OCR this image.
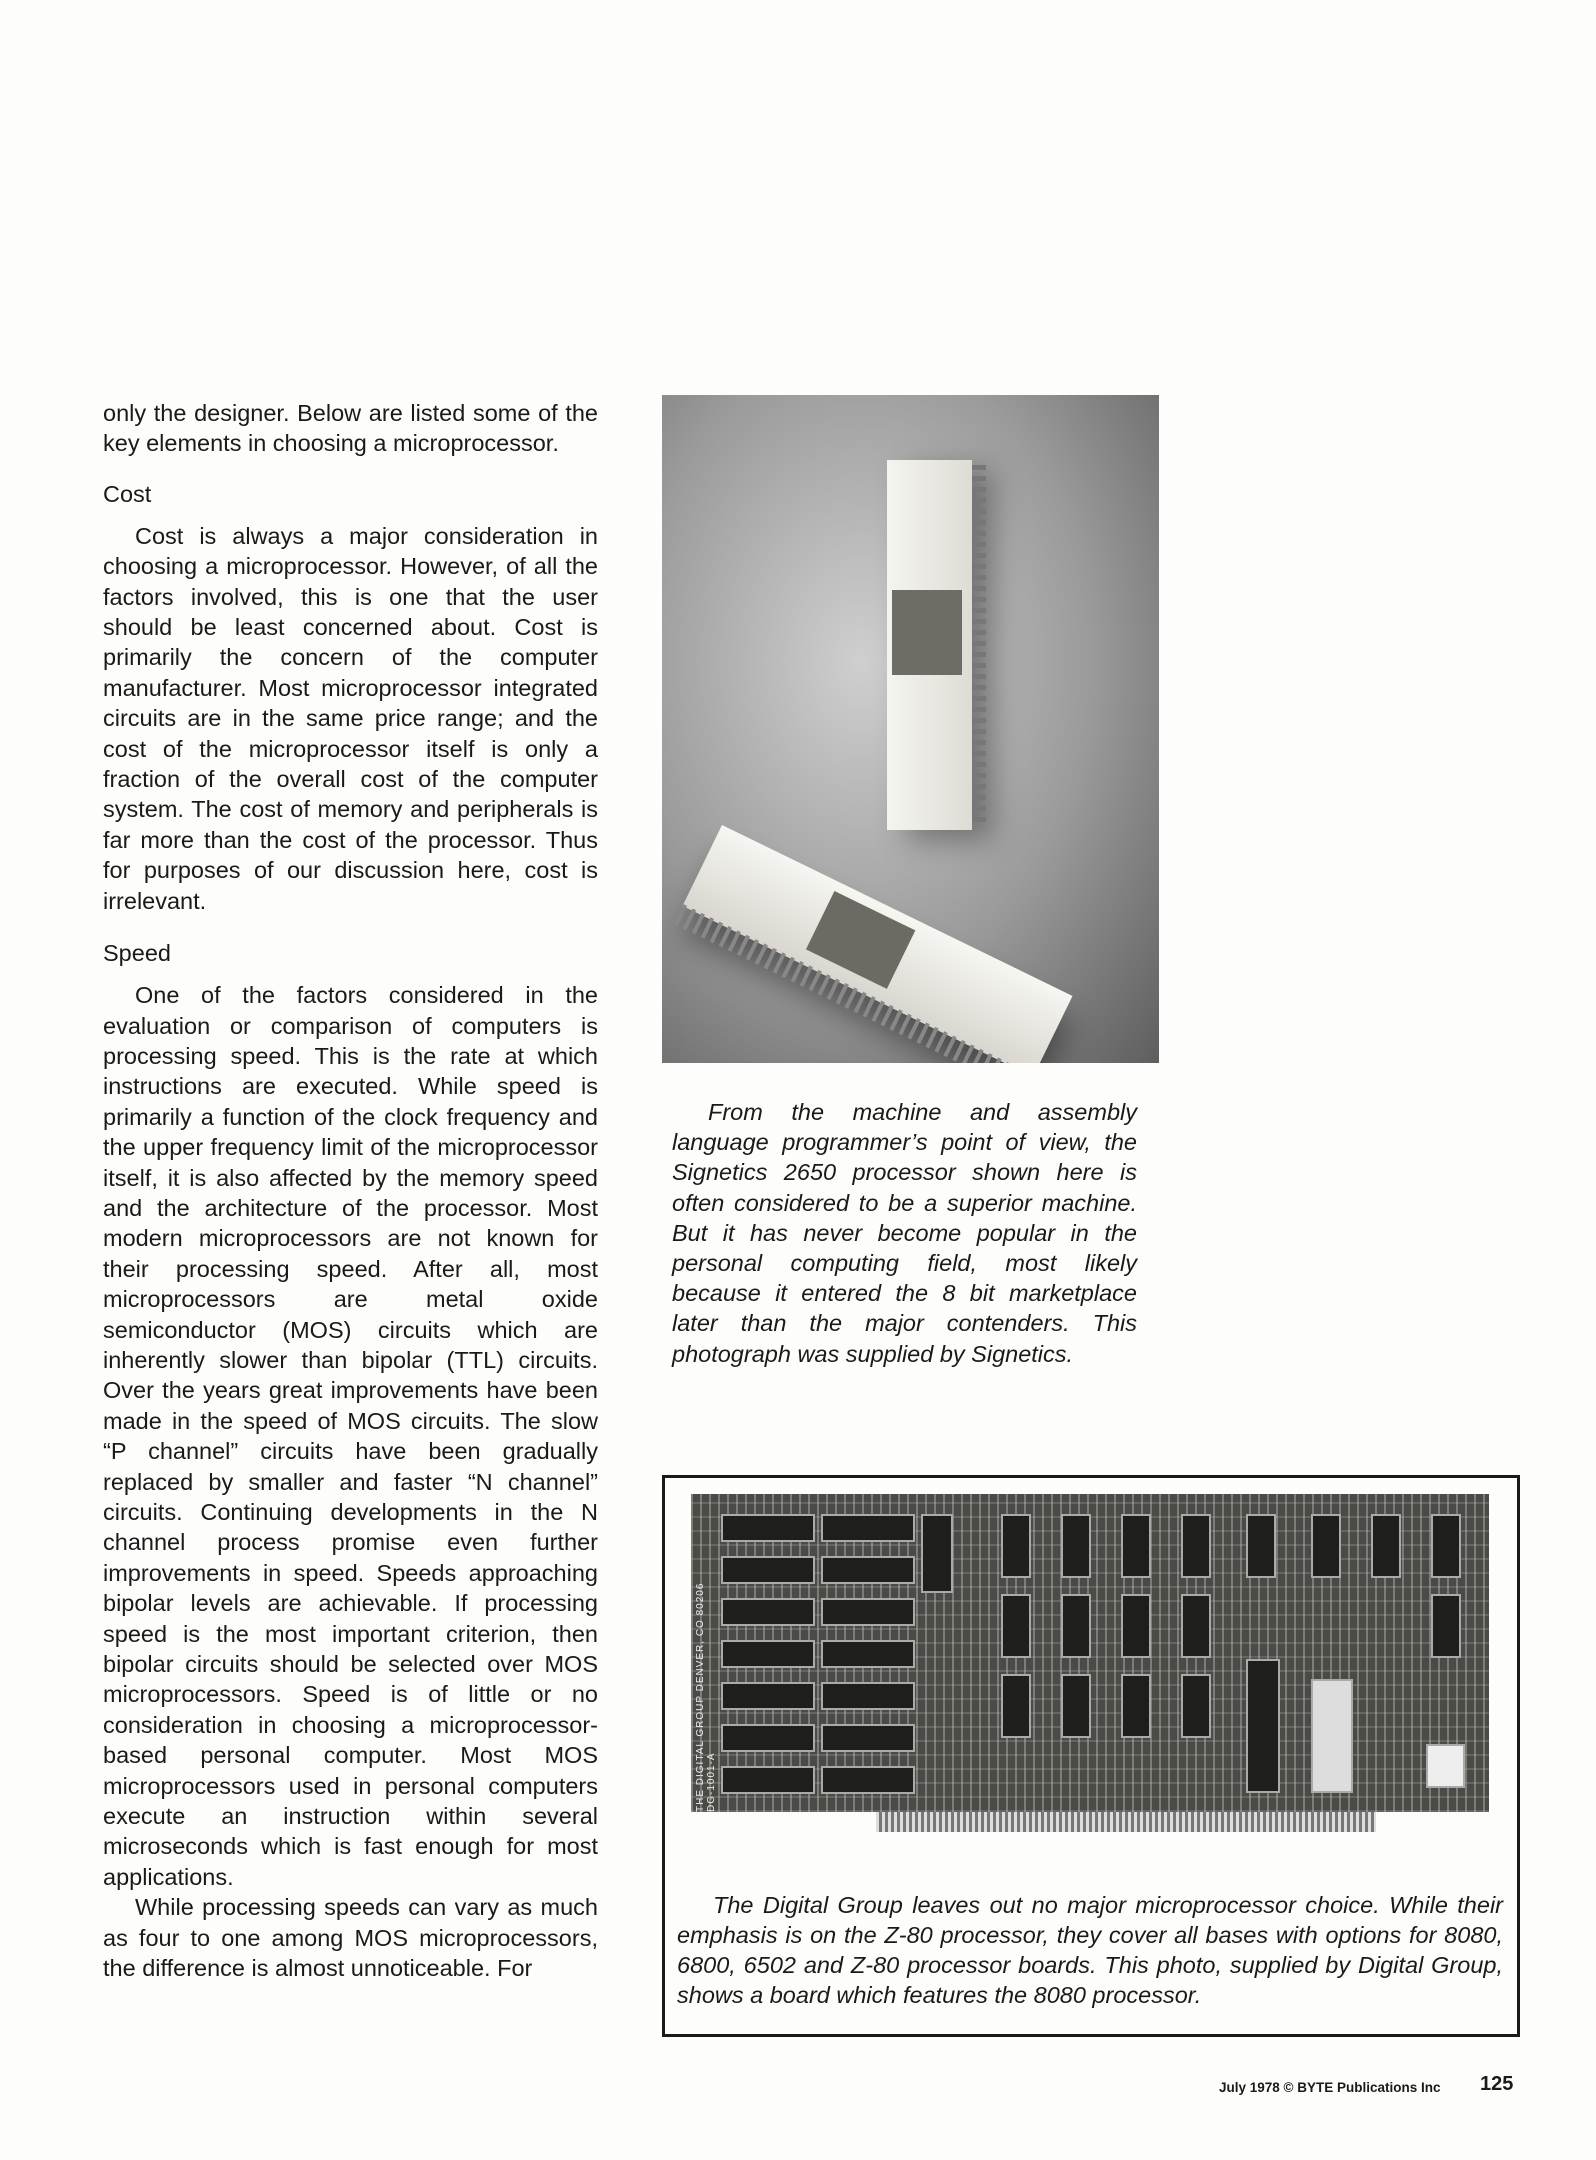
only the designer. Below are listed some of the key elements in choosing a microprocessor.

Cost

Cost is always a major consideration in choosing a microprocessor. However, of all the factors involved, this is one that the user should be least concerned about. Cost is primarily the concern of the computer manufacturer. Most microprocessor integrated circuits are in the same price range; and the cost of the microprocessor itself is only a fraction of the overall cost of the computer system. The cost of memory and peripherals is far more than the cost of the processor. Thus for purposes of our discussion here, cost is irrelevant.

Speed

One of the factors considered in the evaluation or comparison of computers is processing speed. This is the rate at which instructions are executed. While speed is primarily a function of the clock frequency and the upper frequency limit of the microprocessor itself, it is also affected by the memory speed and the architecture of the processor. Most modern microprocessors are not known for their processing speed. After all, most microprocessors are metal oxide semiconductor (MOS) circuits which are inherently slower than bipolar (TTL) circuits. Over the years great improvements have been made in the speed of MOS circuits. The slow “P channel” circuits have been gradually replaced by smaller and faster “N channel” circuits. Continuing developments in the N channel process promise even further improvements in speed. Speeds approaching bipolar levels are achievable. If processing speed is the most important criterion, then bipolar circuits should be selected over MOS microprocessors. Speed is of little or no consideration in choosing a microprocessor-based personal computer. Most MOS microprocessors used in personal computers execute an instruction within several microseconds which is fast enough for most applications.

While processing speeds can vary as much as four to one among MOS microprocessors, the difference is almost unnoticeable. For

From the machine and assembly language programmer’s point of view, the Signetics 2650 processor shown here is often considered to be a superior machine. But it has never become popular in the personal computing field, most likely because it entered the 8 bit marketplace later than the major contenders. This photograph was supplied by Signetics.

THE DIGITAL GROUP DENVER, CO 80206 DG-1001-A

The Digital Group leaves out no major microprocessor choice. While their emphasis is on the Z-80 processor, they cover all bases with options for 8080, 6800, 6502 and Z-80 processor boards. This photo, supplied by Digital Group, shows a board which features the 8080 processor.

July 1978 © BYTE Publications Inc 125
